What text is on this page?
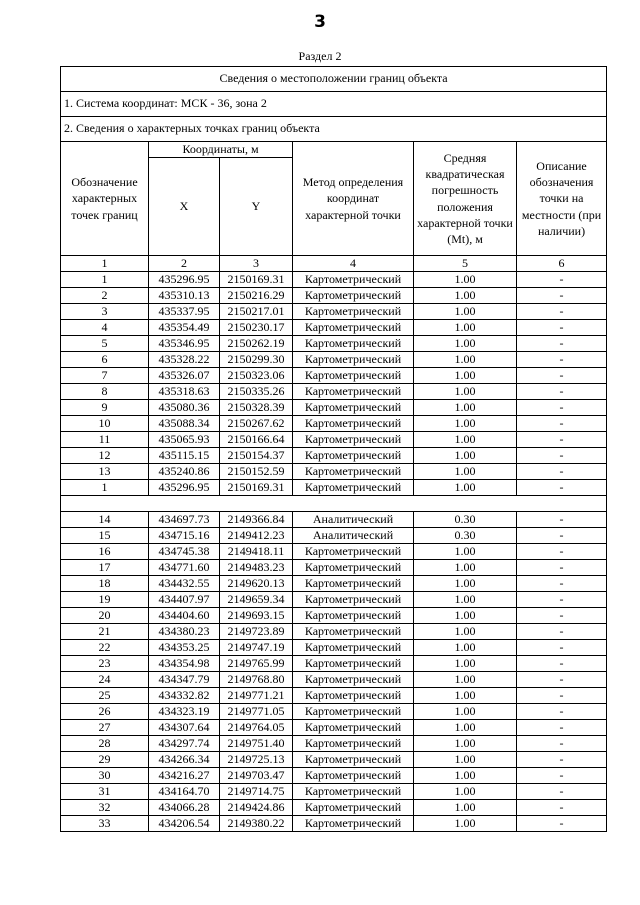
3
Раздел 2
Сведения о местоположении границ объекта					
1. Система координат: МСК - 36, зона 2					
2. Сведения о характерных точках границ объекта					
Обозначение характерных точек границ	Координаты, м		Метод определения координат характерной точки	Средняя квадратическая погрешность положения характерной точки (Mt), м	Описание обозначения точки на местности (при наличии)
	X	Y			
1	2	3	4	5	6
1	435296.95	2150169.31	Картометрический	1.00	-
2	435310.13	2150216.29	Картометрический	1.00	-
3	435337.95	2150217.01	Картометрический	1.00	-
4	435354.49	2150230.17	Картометрический	1.00	-
5	435346.95	2150262.19	Картометрический	1.00	-
6	435328.22	2150299.30	Картометрический	1.00	-
7	435326.07	2150323.06	Картометрический	1.00	-
8	435318.63	2150335.26	Картометрический	1.00	-
9	435080.36	2150328.39	Картометрический	1.00	-
10	435088.34	2150267.62	Картометрический	1.00	-
11	435065.93	2150166.64	Картометрический	1.00	-
12	435115.15	2150154.37	Картометрический	1.00	-
13	435240.86	2150152.59	Картометрический	1.00	-
1	435296.95	2150169.31	Картометрический	1.00	-

14	434697.73	2149366.84	Аналитический	0.30	-
15	434715.16	2149412.23	Аналитический	0.30	-
16	434745.38	2149418.11	Картометрический	1.00	-
17	434771.60	2149483.23	Картометрический	1.00	-
18	434432.55	2149620.13	Картометрический	1.00	-
19	434407.97	2149659.34	Картометрический	1.00	-
20	434404.60	2149693.15	Картометрический	1.00	-
21	434380.23	2149723.89	Картометрический	1.00	-
22	434353.25	2149747.19	Картометрический	1.00	-
23	434354.98	2149765.99	Картометрический	1.00	-
24	434347.79	2149768.80	Картометрический	1.00	-
25	434332.82	2149771.21	Картометрический	1.00	-
26	434323.19	2149771.05	Картометрический	1.00	-
27	434307.64	2149764.05	Картометрический	1.00	-
28	434297.74	2149751.40	Картометрический	1.00	-
29	434266.34	2149725.13	Картометрический	1.00	-
30	434216.27	2149703.47	Картометрический	1.00	-
31	434164.70	2149714.75	Картометрический	1.00	-
32	434066.28	2149424.86	Картометрический	1.00	-
33	434206.54	2149380.22	Картометрический	1.00	-
